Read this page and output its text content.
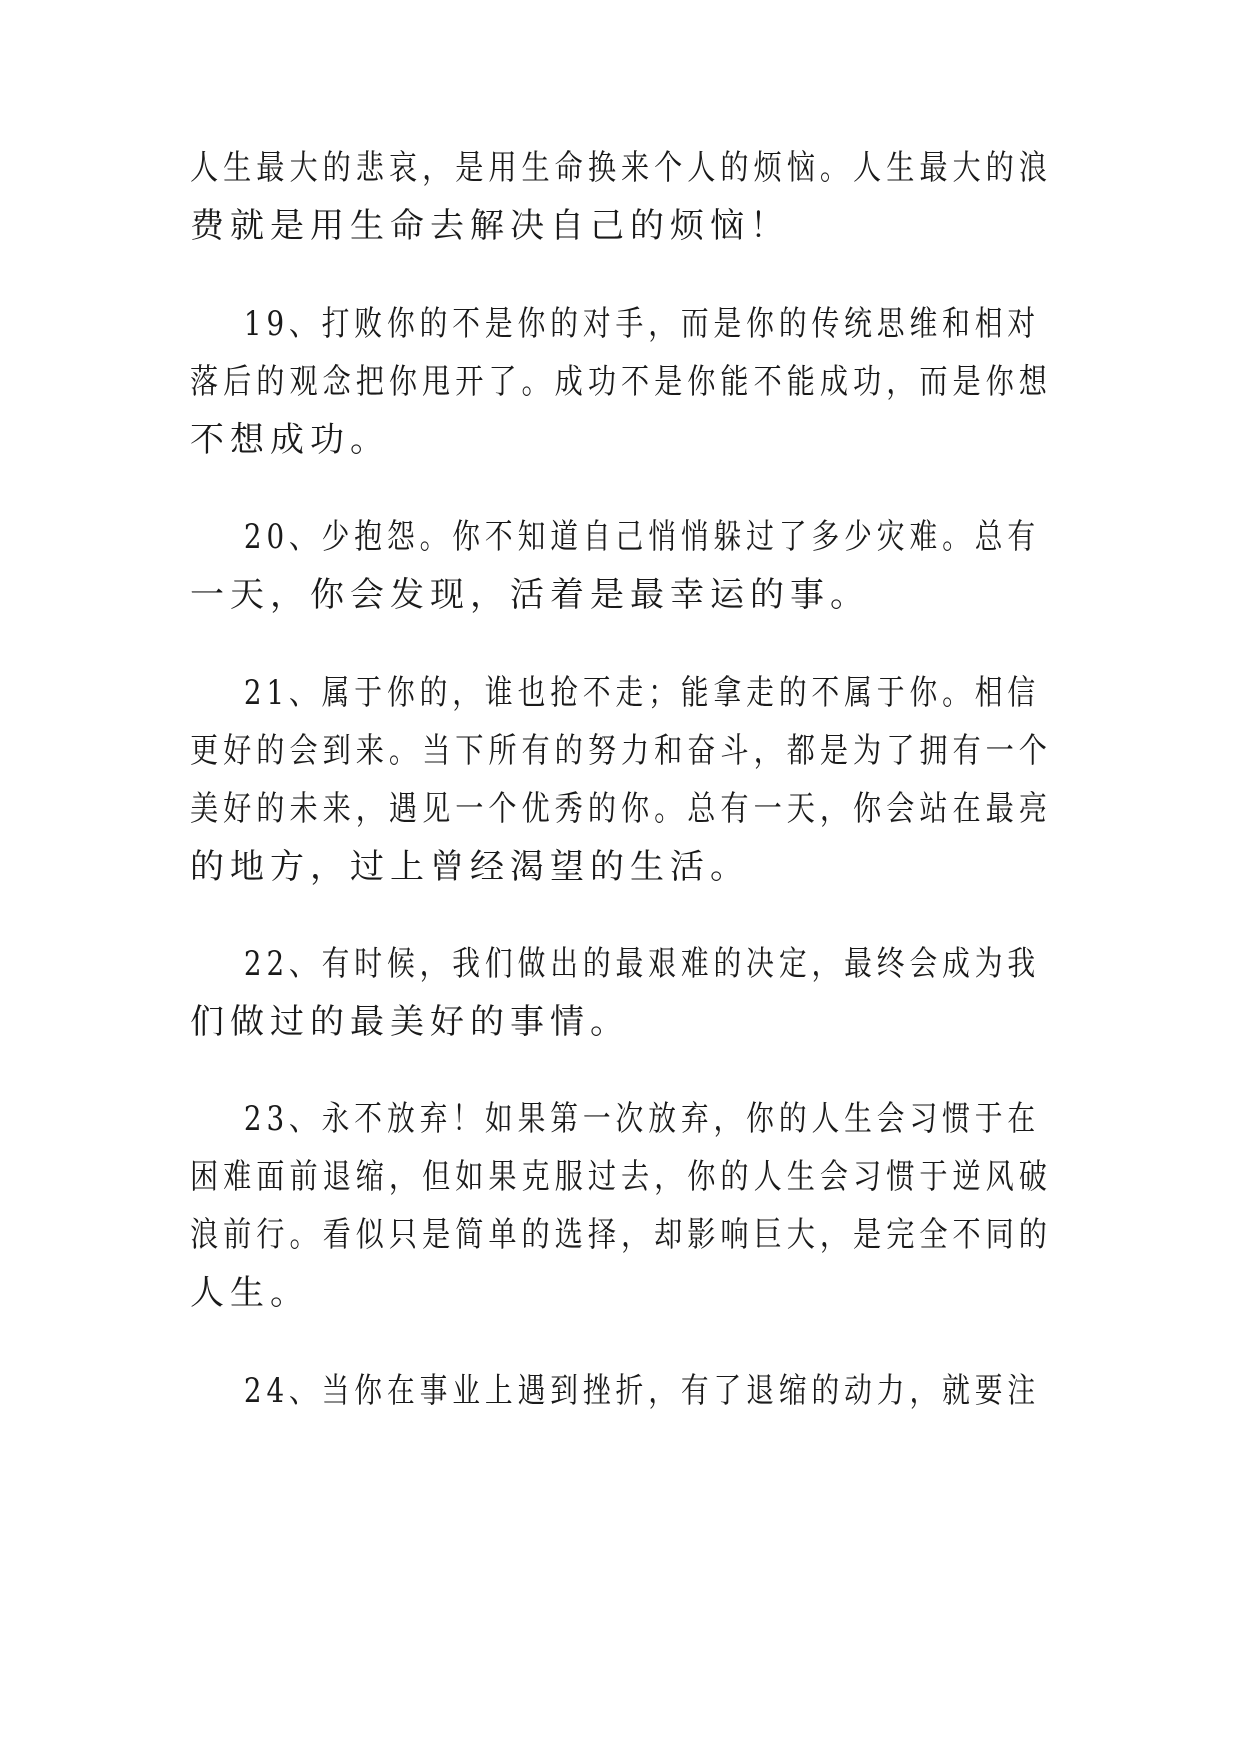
人生最大的悲哀，是用生命换来个人的烦恼。人生最大的浪
费就是用生命去解决自己的烦恼！
19、打败你的不是你的对手，而是你的传统思维和相对
落后的观念把你甩开了。成功不是你能不能成功，而是你想
不想成功。
20、少抱怨。你不知道自己悄悄躲过了多少灾难。总有
一天，你会发现，活着是最幸运的事。
21、属于你的，谁也抢不走；能拿走的不属于你。相信
更好的会到来。当下所有的努力和奋斗，都是为了拥有一个
美好的未来，遇见一个优秀的你。总有一天，你会站在最亮
的地方，过上曾经渴望的生活。
22、有时候，我们做出的最艰难的决定，最终会成为我
们做过的最美好的事情。
23、永不放弃！如果第一次放弃，你的人生会习惯于在
困难面前退缩，但如果克服过去，你的人生会习惯于逆风破
浪前行。看似只是简单的选择，却影响巨大，是完全不同的
人生。
24、当你在事业上遇到挫折，有了退缩的动力，就要注
